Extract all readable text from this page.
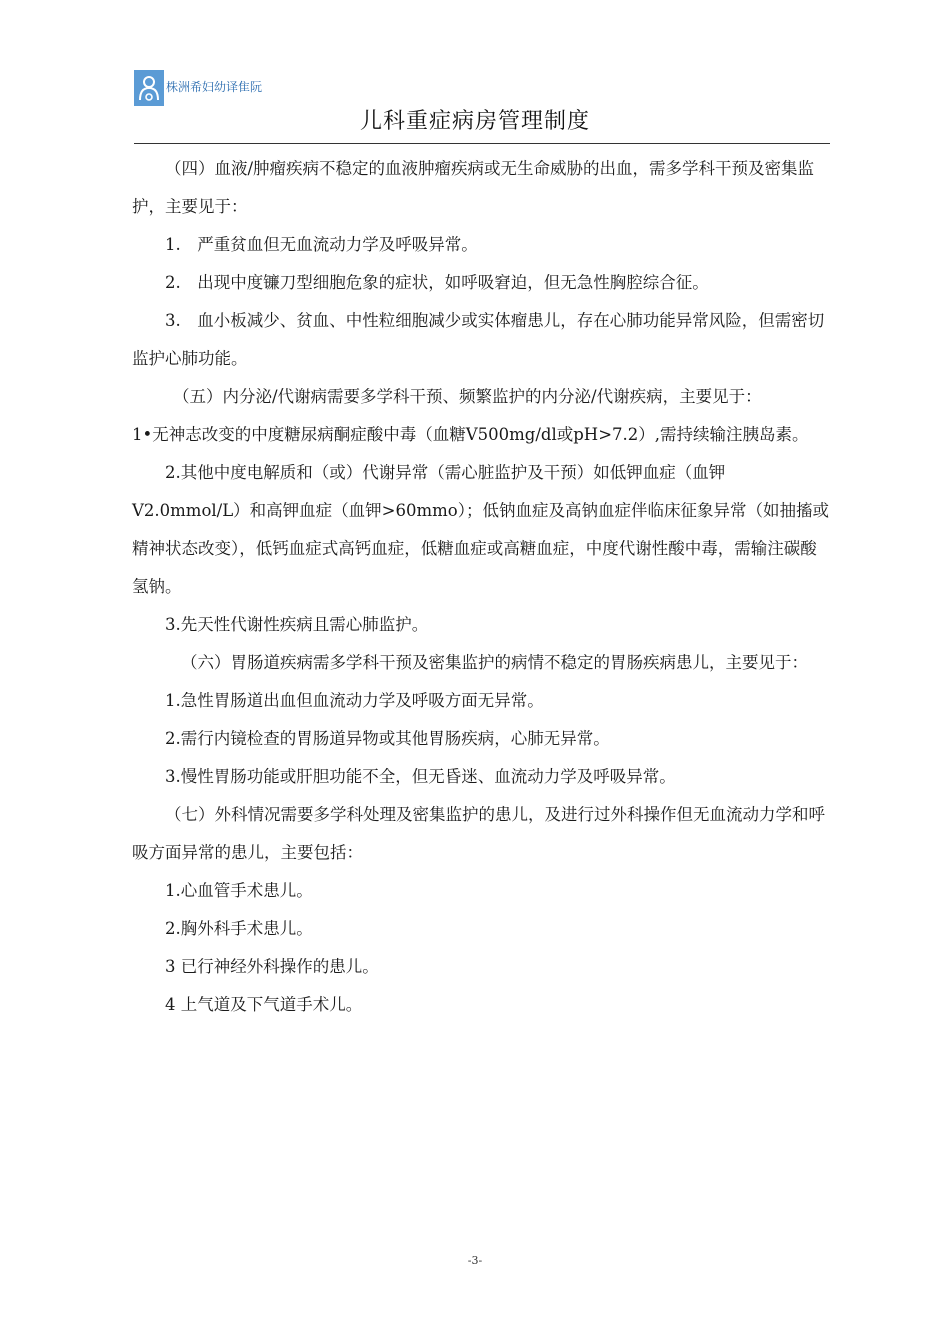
株洲希妇幼译隹阮
儿科重症病房管理制度

（四）血液/肿瘤疾病不稳定的血液肿瘤疾病或无生命威胁的出血，需多学科干预及密集监护，主要见于：

1.　严重贫血但无血流动力学及呼吸异常。

2.　出现中度镰刀型细胞危象的症状，如呼吸窘迫，但无急性胸腔综合征。

3.　血小板减少、贫血、中性粒细胞减少或实体瘤患儿，存在心肺功能异常风险，但需密切监护心肺功能。

（五）内分泌/代谢病需要多学科干预、频繁监护的内分泌/代谢疾病，主要见于：

1•无神志改变的中度糖尿病酮症酸中毒（血糖V500mg/dl或pH>7.2）,需持续输注胰岛素。

2.其他中度电解质和（或）代谢异常（需心脏监护及干预）如低钾血症（血钾V2.0mmol/L）和高钾血症（血钾>60mmo）；低钠血症及高钠血症伴临床征象异常（如抽搐或精神状态改变），低钙血症式高钙血症，低糖血症或高糖血症，中度代谢性酸中毒，需输注碳酸氢钠。

3.先天性代谢性疾病且需心肺监护。

（六）胃肠道疾病需多学科干预及密集监护的病情不稳定的胃肠疾病患儿，主要见于：

1.急性胃肠道出血但血流动力学及呼吸方面无异常。

2.需行内镜检查的胃肠道异物或其他胃肠疾病，心肺无异常。

3.慢性胃肠功能或肝胆功能不全，但无昏迷、血流动力学及呼吸异常。

（七）外科情况需要多学科处理及密集监护的患儿，及进行过外科操作但无血流动力学和呼吸方面异常的患儿，主要包括：

1.心血管手术患儿。

2.胸外科手术患儿。

3 已行神经外科操作的患儿。

4 上气道及下气道手术儿。

-3-
